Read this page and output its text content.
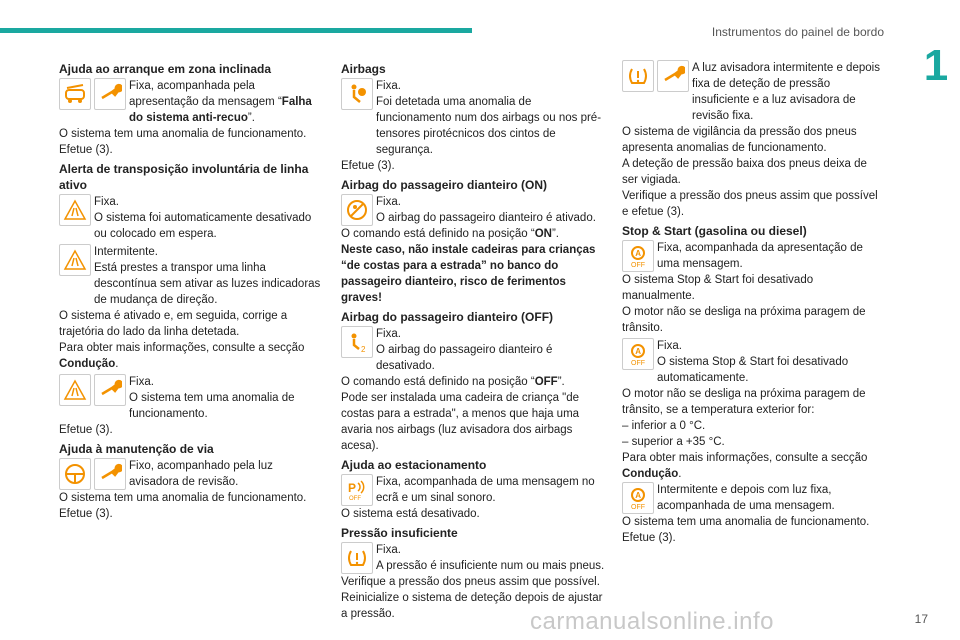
Instrumentos do painel de bordo
1
Ajuda ao arranque em zona inclinada
Fixa, acompanhada pela apresentação da mensagem “Falha do sistema anti-recuo”.

O sistema tem uma anomalia de funcionamento.

Efetue (3).

Alerta de transposição involuntária de linha ativo

Fixa.

O sistema foi automaticamente desativado ou colocado em espera.

Intermitente.

Está prestes a transpor uma linha descontínua sem ativar as luzes indicadoras de mudança de direção.

O sistema é ativado e, em seguida, corrige a trajetória do lado da linha detetada.

Para obter mais informações, consulte a secção
Condução.

Fixa.

O sistema tem uma anomalia de funcionamento.

Efetue (3).

Ajuda à manutenção de via

Fixo, acompanhado pela luz avisadora de revisão.

O sistema tem uma anomalia de funcionamento.

Efetue (3).

Airbags

Fixa.

Foi detetada uma anomalia de funcionamento num dos airbags ou nos pré-tensores pirotécnicos dos cintos de segurança.

Efetue (3).

Airbag do passageiro dianteiro (ON)

Fixa.

O airbag do passageiro dianteiro é ativado.

O comando está definido na posição “ON”.

Neste caso, não instale cadeiras para crianças “de costas para a estrada” no banco do passageiro dianteiro, risco de ferimentos graves!

Airbag do passageiro dianteiro (OFF)
2

Fixa.

O airbag do passageiro dianteiro é desativado.

O comando está definido na posição “OFF”.

Pode ser instalada uma cadeira de criança "de costas para a estrada", a menos que haja uma avaria nos airbags (luz avisadora dos airbags acesa).

Ajuda ao estacionamento
P
OFF

Fixa, acompanhada de uma mensagem no ecrã e um sinal sonoro.

O sistema está desativado.

Pressão insuficiente

Fixa.

A pressão é insuficiente num ou mais pneus.

Verifique a pressão dos pneus assim que possível.

Reinicialize o sistema de deteção depois de ajustar a pressão.

A luz avisadora intermitente e depois fixa de deteção de pressão insuficiente e a luz avisadora de revisão fixa.

O sistema de vigilância da pressão dos pneus apresenta anomalias de funcionamento.

A deteção de pressão baixa dos pneus deixa de ser vigiada.

Verifique a pressão dos pneus assim que possível e efetue (3).

Stop & Start (gasolina ou diesel)
A
OFF

Fixa, acompanhada da apresentação de uma mensagem.

O sistema Stop & Start foi desativado manualmente.

O motor não se desliga na próxima paragem de trânsito.

A
OFF

Fixa.

O sistema Stop & Start foi desativado automaticamente.

O motor não se desliga na próxima paragem de trânsito, se a temperatura exterior for:

– inferior a 0 °C.

– superior a +35 °C.

Para obter mais informações, consulte a secção
Condução.

A
OFF

Intermitente e depois com luz fixa, acompanhada de uma mensagem.

O sistema tem uma anomalia de funcionamento.

Efetue (3).

carmanualsonline.info	17
